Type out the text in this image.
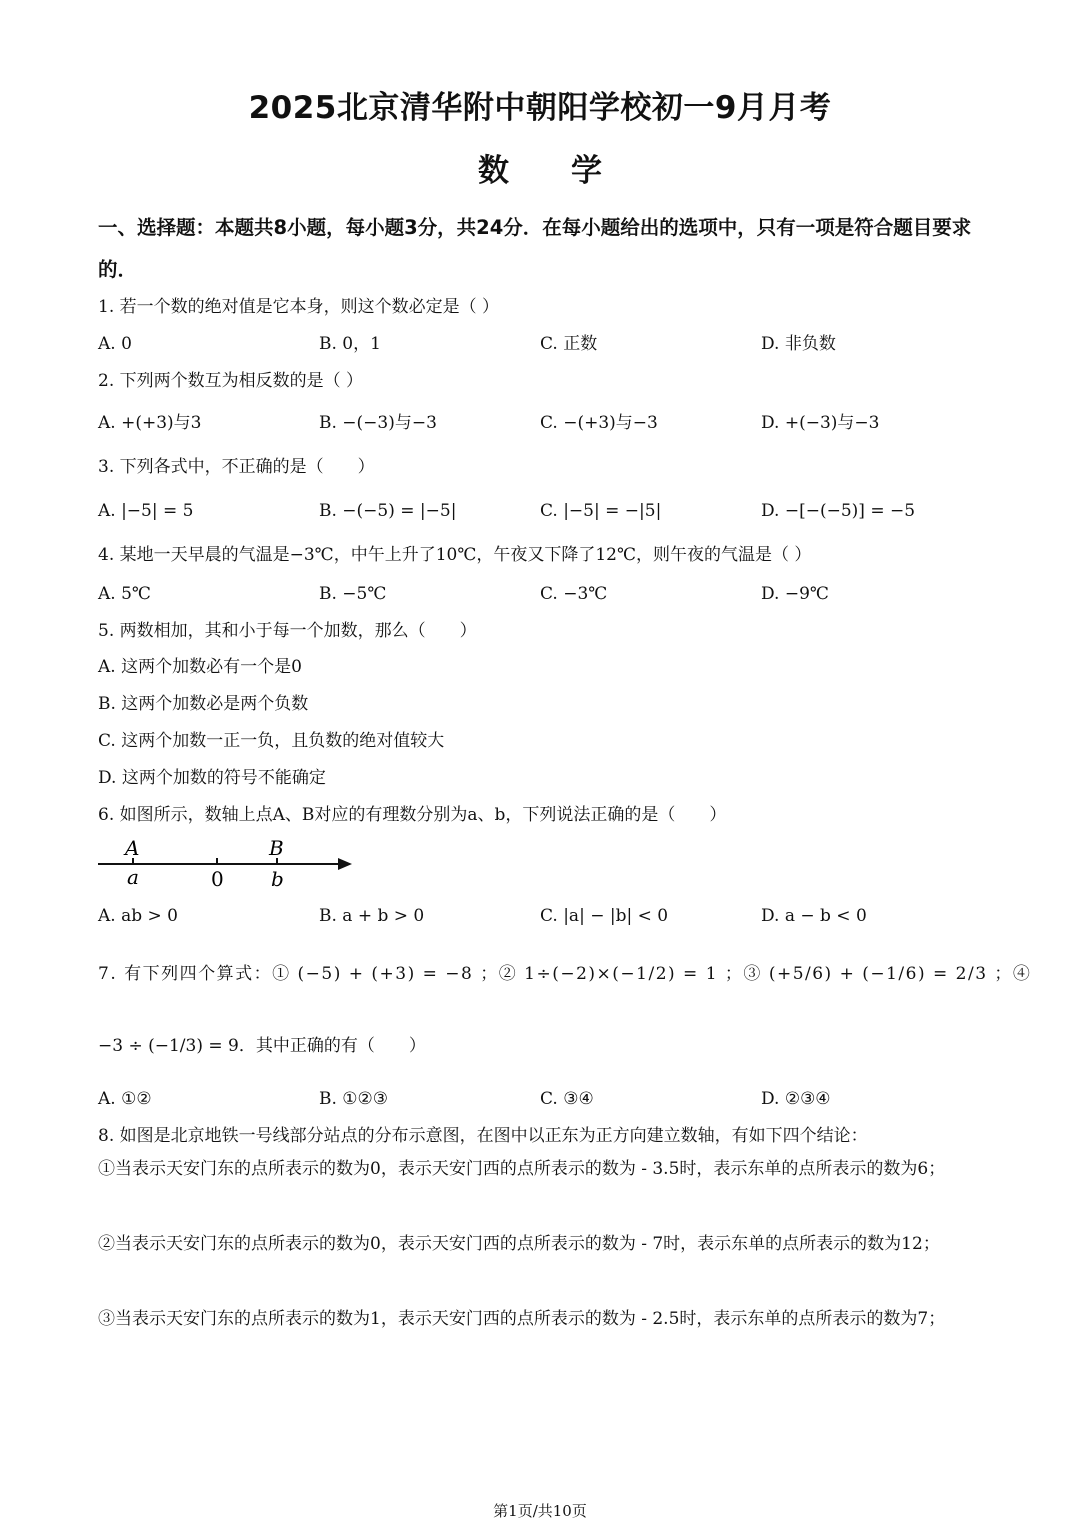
2025北京清华附中朝阳学校初一9月月考
数学
一、选择题：本题共8小题，每小题3分，共24分．在每小题给出的选项中，只有一项是符合题目要求的．
1. 若一个数的绝对值是它本身，则这个数必定是（ ）
A. 0	B. 0，1	C. 正数	D. 非负数
2. 下列两个数互为相反数的是（ ）
A. +(+3)与3	B. −(−3)与−3	C. −(+3)与−3	D. +(−3)与−3
3. 下列各式中，不正确的是（　　）
A. |−5| = 5	B. −(−5) = |−5|	C. |−5| = −|5|	D. −[−(−5)] = −5
4. 某地一天早晨的气温是−3℃，中午上升了10℃，午夜又下降了12℃，则午夜的气温是（ ）
A. 5℃	B. −5℃	C. −3℃	D. −9℃
5. 两数相加，其和小于每一个加数，那么（　　）
A. 这两个加数必有一个是0
B. 这两个加数必是两个负数
C. 这两个加数一正一负，且负数的绝对值较大
D. 这两个加数的符号不能确定
6. 如图所示，数轴上点A、B对应的有理数分别为a、b，下列说法正确的是（　　）
A
a	0
B
b
A. ab > 0	B. a + b > 0	C. |a| − |b| < 0	D. a − b < 0
7. 有下列四个算式：① (−5) + (+3) = −8 ；② 1÷(−2)×(−1/2) = 1 ；③ (+5/6) + (−1/6) = 2/3 ；④
−3 ÷ (−1/3) = 9．其中正确的有（　　）
A. ①②	B. ①②③	C. ③④	D. ②③④
8. 如图是北京地铁一号线部分站点的分布示意图，在图中以正东为正方向建立数轴，有如下四个结论：
①当表示天安门东的点所表示的数为0，表示天安门西的点所表示的数为 - 3.5时，表示东单的点所表示的数为6；
②当表示天安门东的点所表示的数为0，表示天安门西的点所表示的数为 - 7时，表示东单的点所表示的数为12；
③当表示天安门东的点所表示的数为1，表示天安门西的点所表示的数为 - 2.5时，表示东单的点所表示的数为7；
第1页/共10页
